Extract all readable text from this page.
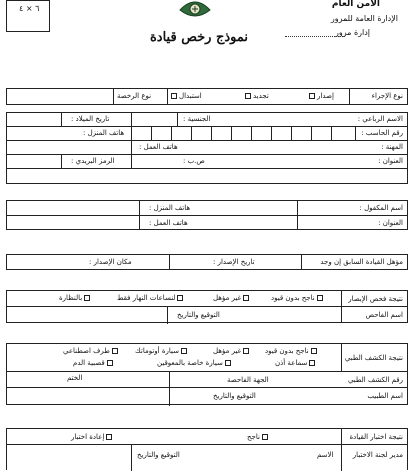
٦ × ٤
نموذج رخص قيادة
الأمن العام
الإدارة العامة للمرور
إدارة مرور
نوع الإجراء
إصدار
تجديد
استبدال
نوع الرخصة
الاسم الرباعي :
الجنسية :
تاريخ الميلاد :
رقم الحاسب :
هاتف المنزل :
المهنة :
هاتف العمل :
العنوان :
ص.ب :
الرمز البريدي :
اسم المكفول :
هاتف المنزل :
العنوان :
هاتف العمل :
مؤهل القيادة السابق إن وجد
تاريخ الإصدار :
مكان الإصدار :
نتيجة فحص الإبصار
ناجح بدون قيود
غير مؤهل
لنساعات النهار فقط
بالنظارة
اسم الفاحص
التوقيع والتاريخ
نتيجة الكشف الطبي
ناجح بدون قيود
غير مؤهل
سيارة أوتوماتك
طرف اصطناعي
سماعة أذن
سيارة خاصة بالمعوقين
قصبية الدم
رقم الكشف الطبي
الجهة الفاحصة
الختم
اسم الطبيب
التوقيع والتاريخ
نتيجة اختبار القيادة
ناجح
إعادة اختبار
مدير لجنة الاختبار
الاسم
التوقيع والتاريخ
